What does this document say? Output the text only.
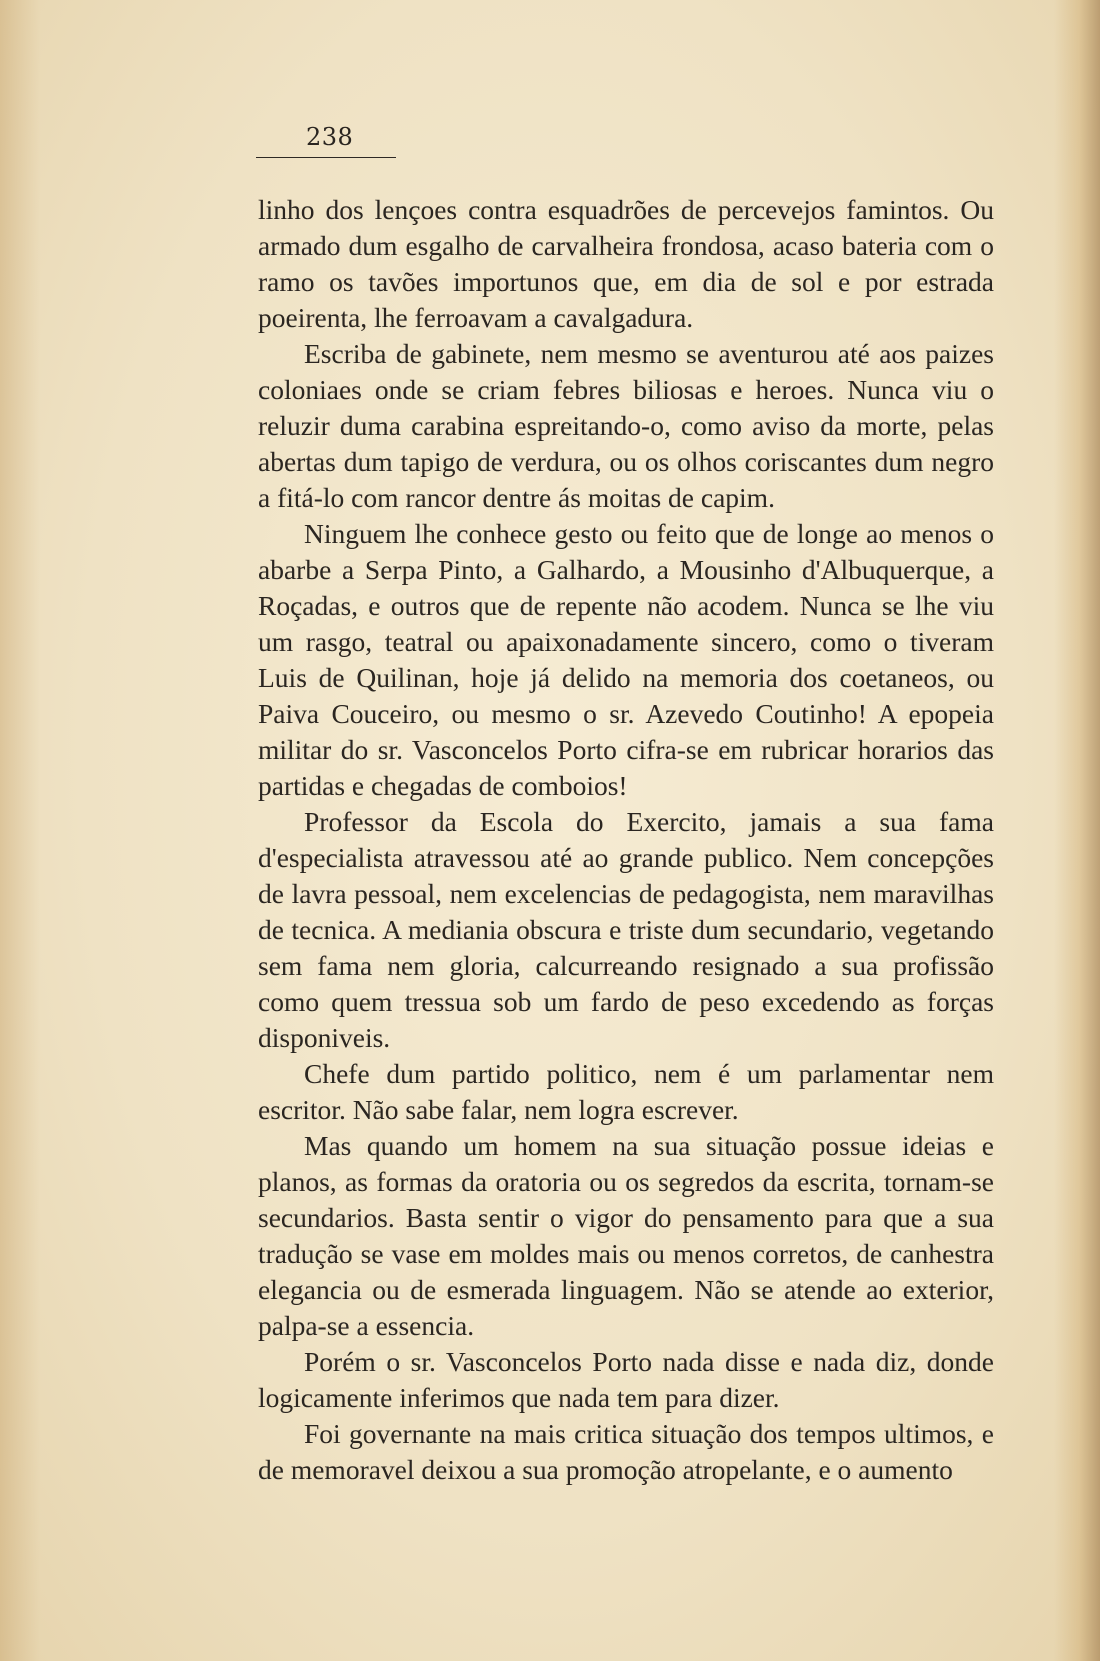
238

linho dos lençoes contra esquadrões de percevejos famintos. Ou armado dum esgalho de carvalheira frondosa, acaso bateria com o ramo os tavões importunos que, em dia de sol e por estrada poeirenta, lhe ferroavam a cavalgadura.

Escriba de gabinete, nem mesmo se aventurou até aos paizes coloniaes onde se criam febres biliosas e heroes. Nunca viu o reluzir duma carabina espreitando-o, como aviso da morte, pelas abertas dum tapigo de verdura, ou os olhos coriscantes dum negro a fitá-lo com rancor dentre ás moitas de capim.

Ninguem lhe conhece gesto ou feito que de longe ao menos o abarbe a Serpa Pinto, a Galhardo, a Mousinho d'Albuquerque, a Roçadas, e outros que de repente não acodem. Nunca se lhe viu um rasgo, teatral ou apaixonadamente sincero, como o tiveram Luis de Quilinan, hoje já delido na memoria dos coetaneos, ou Paiva Couceiro, ou mesmo o sr. Azevedo Coutinho! A epopeia militar do sr. Vasconcelos Porto cifra-se em rubricar horarios das partidas e chegadas de comboios!

Professor da Escola do Exercito, jamais a sua fama d'especialista atravessou até ao grande publico. Nem concepções de lavra pessoal, nem excelencias de pedagogista, nem maravilhas de tecnica. A mediania obscura e triste dum secundario, vegetando sem fama nem gloria, calcurreando resignado a sua profissão como quem tressua sob um fardo de peso excedendo as forças disponiveis.

Chefe dum partido politico, nem é um parlamentar nem escritor. Não sabe falar, nem logra escrever.

Mas quando um homem na sua situação possue ideias e planos, as formas da oratoria ou os segredos da escrita, tornam-se secundarios. Basta sentir o vigor do pensamento para que a sua tradução se vase em moldes mais ou menos corretos, de canhestra elegancia ou de esmerada linguagem. Não se atende ao exterior, palpa-se a essencia.

Porém o sr. Vasconcelos Porto nada disse e nada diz, donde logicamente inferimos que nada tem para dizer.

Foi governante na mais critica situação dos tempos ultimos, e de memoravel deixou a sua promoção atropelante, e o aumento
